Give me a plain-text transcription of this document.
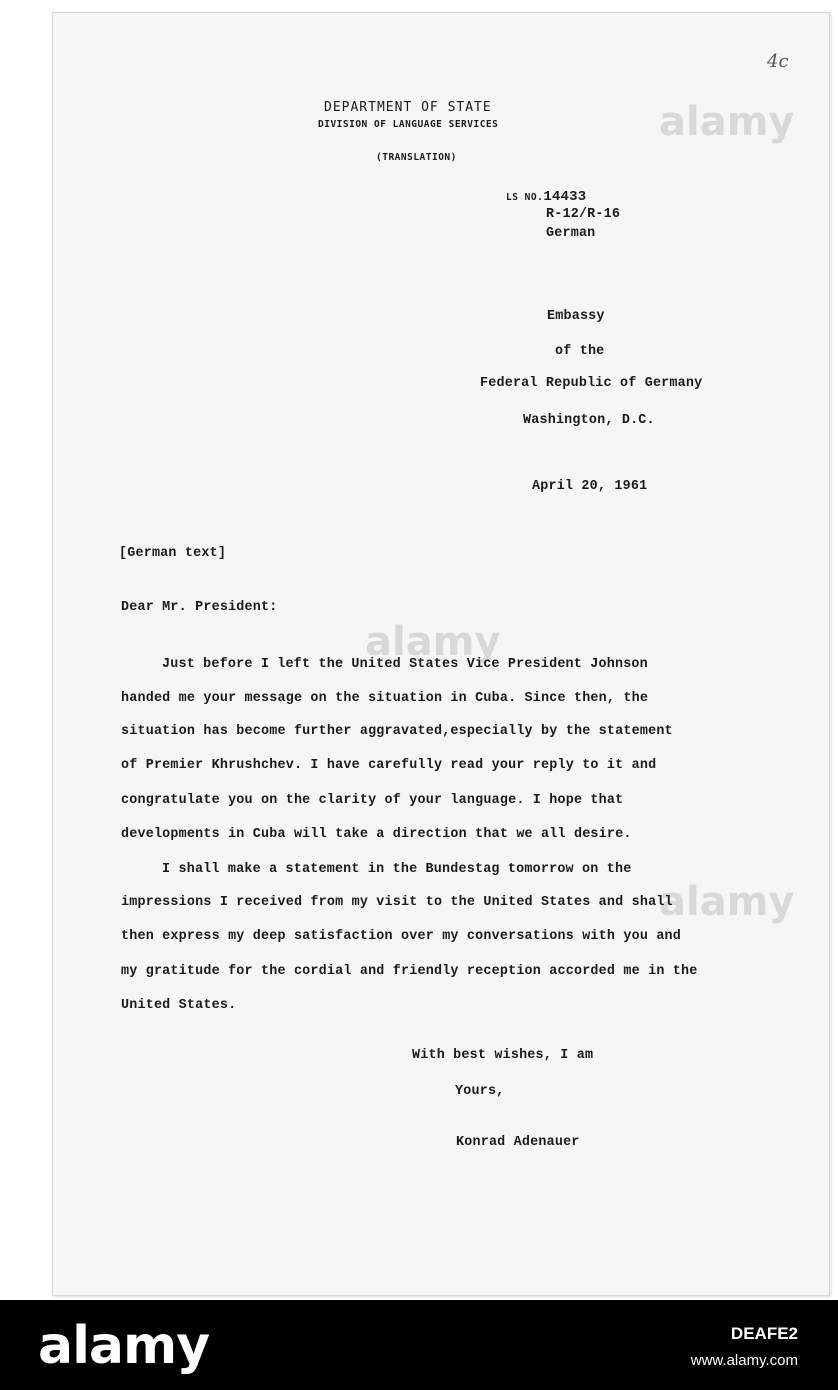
alamy
alamy
alamy
4c
DEPARTMENT OF STATE
DIVISION OF LANGUAGE SERVICES
(TRANSLATION)
LS NO.14433
R-12/R-16
German
Embassy
of the
Federal Republic of Germany
Washington, D.C.
April 20, 1961
[German text]
Dear Mr. President:
Just before I left the United States Vice President Johnson
handed me your message on the situation in Cuba. Since then, the
situation has become further aggravated,especially by the statement
of Premier Khrushchev. I have carefully read your reply to it and
congratulate you on the clarity of your language. I hope that
developments in Cuba will take a direction that we all desire.
I shall make a statement in the Bundestag tomorrow on the
impressions I received from my visit to the United States and shall
then express my deep satisfaction over my conversations with you and
my gratitude for the cordial and friendly reception accorded me in the
United States.
With best wishes, I am
Yours,
Konrad Adenauer
alamy	DEAFE2
www.alamy.com
